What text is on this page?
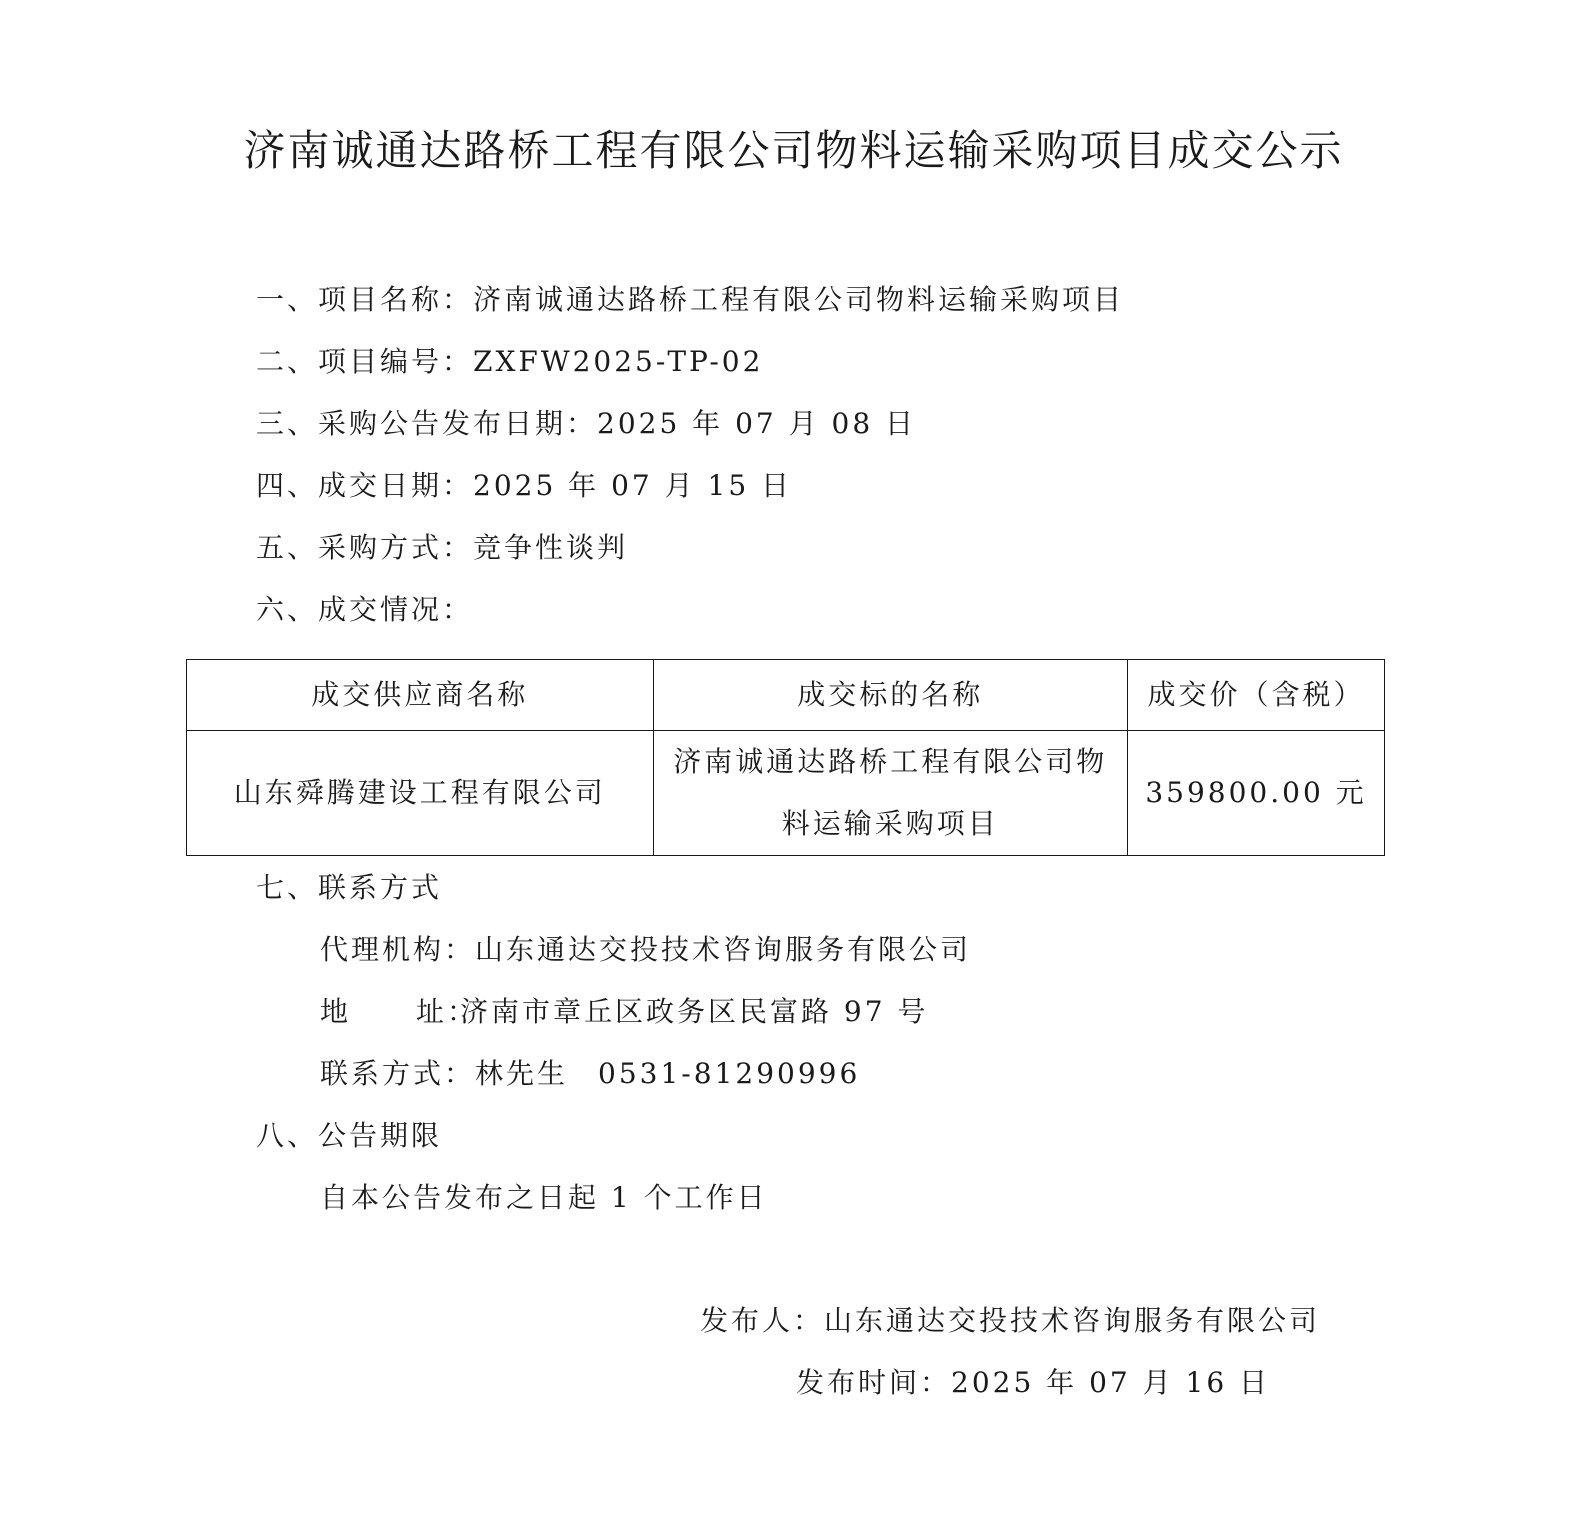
济南诚通达路桥工程有限公司物料运输采购项目成交公示
一、项目名称：济南诚通达路桥工程有限公司物料运输采购项目
二、项目编号：ZXFW2025-TP-02
三、采购公告发布日期：2025 年 07 月 08 日
四、成交日期：2025 年 07 月 15 日
五、采购方式：竞争性谈判
六、成交情况：
成交供应商名称	成交标的名称	成交价（含税）
山东舜腾建设工程有限公司	济南诚通达路桥工程有限公司物料运输采购项目	359800.00 元
七、联系方式
代理机构：山东通达交投技术咨询服务有限公司
地 址：济南市章丘区政务区民富路 97 号
联系方式：林先生 0531-81290996
八、公告期限
自本公告发布之日起 1 个工作日
发布人：山东通达交投技术咨询服务有限公司
发布时间：2025 年 07 月 16 日
